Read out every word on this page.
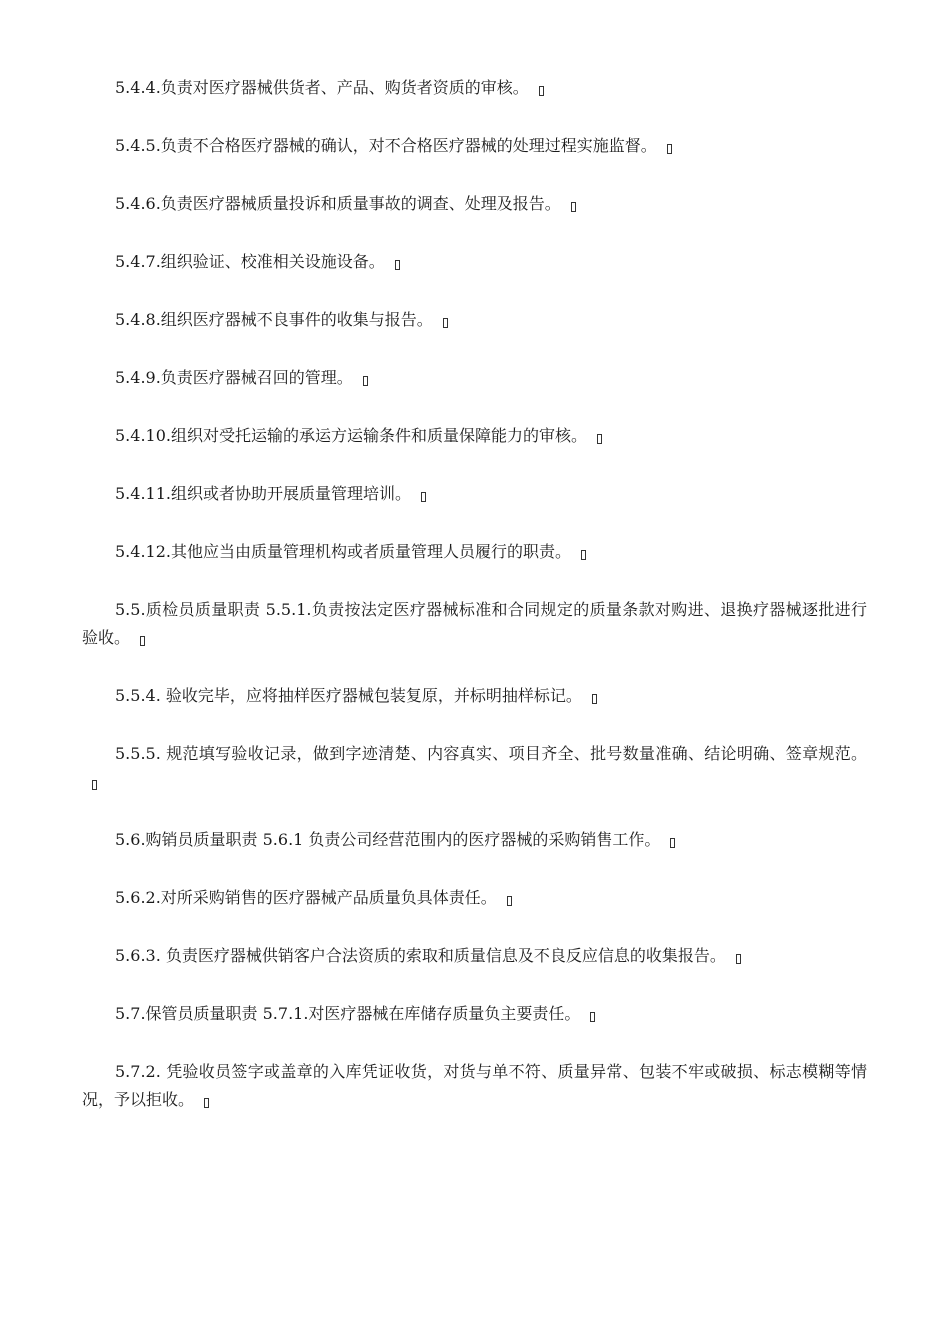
5.4.4.负责对医疗器械供货者、产品、购货者资质的审核。

5.4.5.负责不合格医疗器械的确认，对不合格医疗器械的处理过程实施监督。

5.4.6.负责医疗器械质量投诉和质量事故的调查、处理及报告。

5.4.7.组织验证、校准相关设施设备。

5.4.8.组织医疗器械不良事件的收集与报告。

5.4.9.负责医疗器械召回的管理。

5.4.10.组织对受托运输的承运方运输条件和质量保障能力的审核。

5.4.11.组织或者协助开展质量管理培训。

5.4.12.其他应当由质量管理机构或者质量管理人员履行的职责。

5.5.质检员质量职责 5.5.1.负责按法定医疗器械标准和合同规定的质量条款对购进、退换疗器械逐批进行验收。

5.5.4. 验收完毕，应将抽样医疗器械包装复原，并标明抽样标记。

5.5.5. 规范填写验收记录，做到字迹清楚、内容真实、项目齐全、批号数量准确、结论明确、签章规范。

5.6.购销员质量职责 5.6.1 负责公司经营范围内的医疗器械的采购销售工作。

5.6.2.对所采购销售的医疗器械产品质量负具体责任。

5.6.3. 负责医疗器械供销客户合法资质的索取和质量信息及不良反应信息的收集报告。

5.7.保管员质量职责 5.7.1.对医疗器械在库储存质量负主要责任。

5.7.2. 凭验收员签字或盖章的入库凭证收货，对货与单不符、质量异常、包装不牢或破损、标志模糊等情况，予以拒收。
